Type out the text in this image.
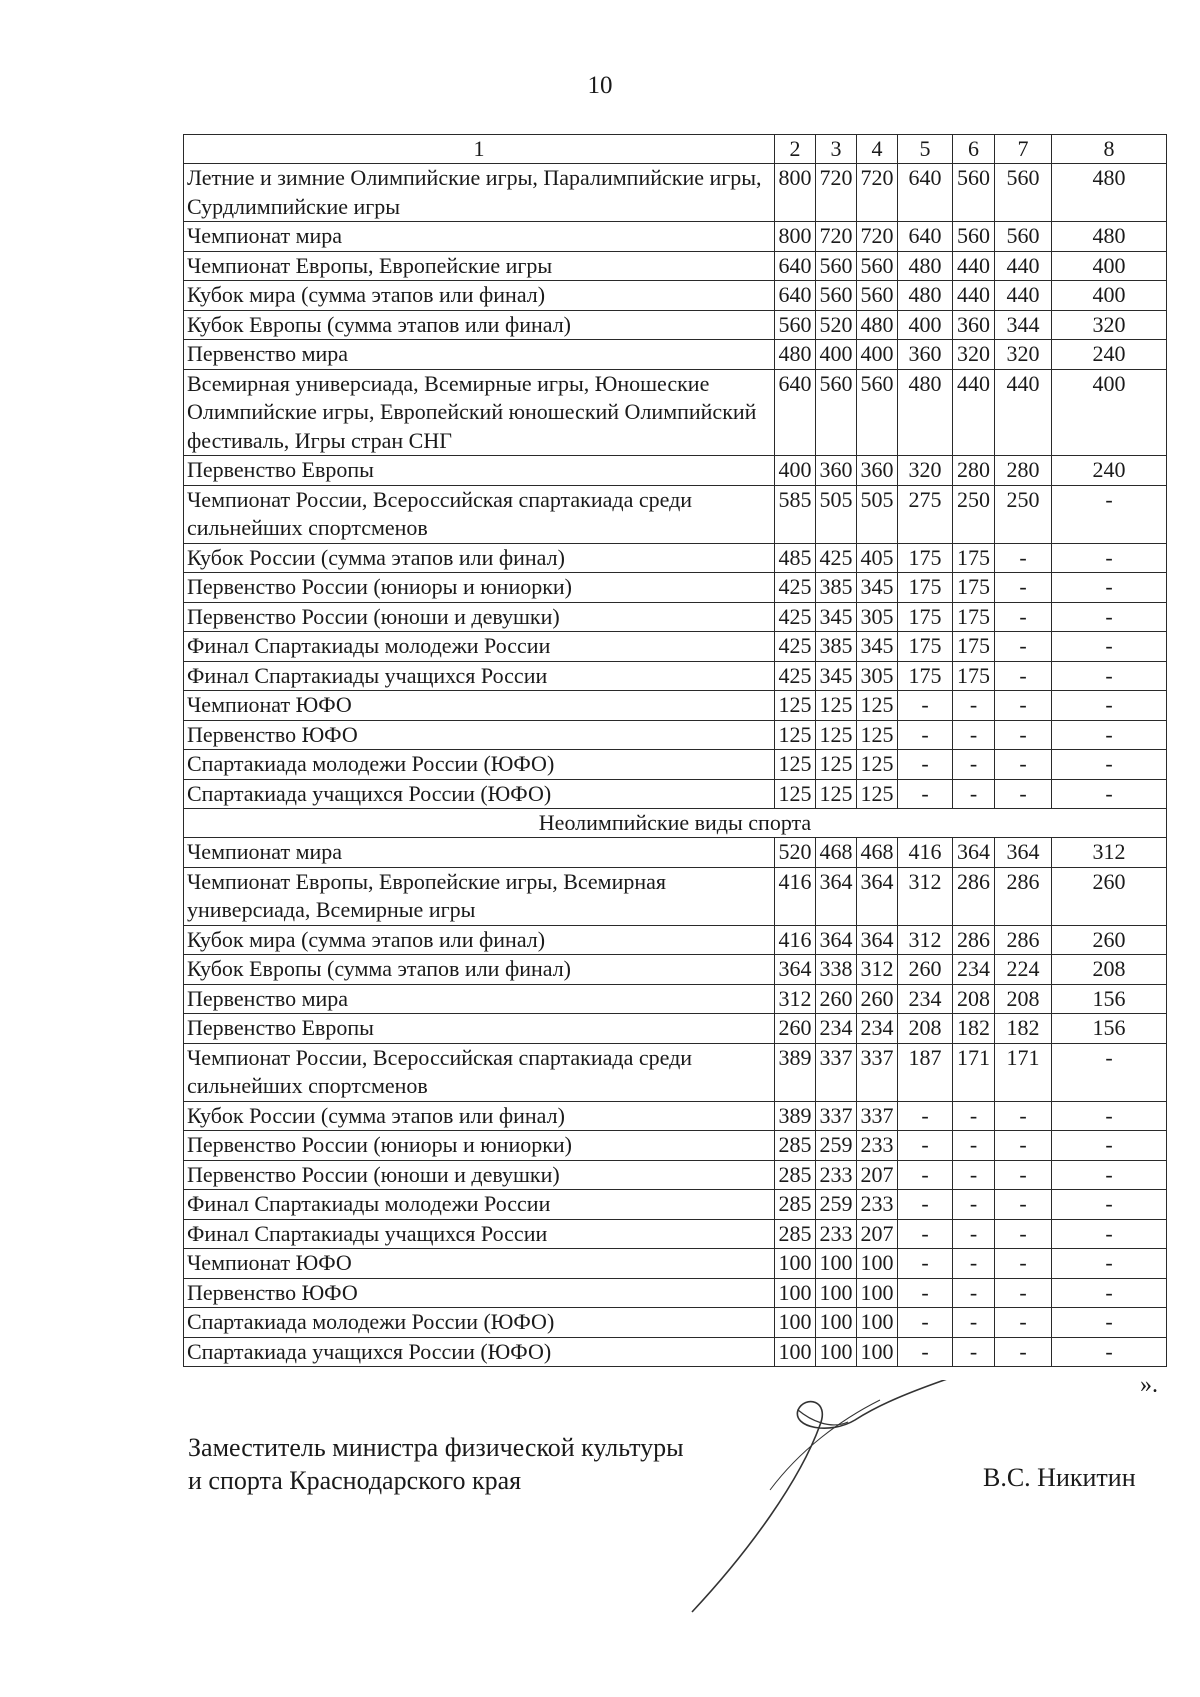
10
1	2	3	4	5	6	7	8
Летние и зимние Олимпийские игры, Паралимпийские игры, Сурдлимпийские игры	800	720	720	640	560	560	480
Чемпионат мира	800	720	720	640	560	560	480
Чемпионат Европы, Европейские игры	640	560	560	480	440	440	400
Кубок мира (сумма этапов или финал)	640	560	560	480	440	440	400
Кубок Европы (сумма этапов или финал)	560	520	480	400	360	344	320
Первенство мира	480	400	400	360	320	320	240
Всемирная универсиада, Всемирные игры, Юношеские Олимпийские игры, Европейский юношеский Олимпийский фестиваль, Игры стран СНГ	640	560	560	480	440	440	400
Первенство Европы	400	360	360	320	280	280	240
Чемпионат России, Всероссийская спартакиада среди сильнейших спортсменов	585	505	505	275	250	250	-
Кубок России (сумма этапов или финал)	485	425	405	175	175	-	-
Первенство России (юниоры и юниорки)	425	385	345	175	175	-	-
Первенство России (юноши и девушки)	425	345	305	175	175	-	-
Финал Спартакиады молодежи России	425	385	345	175	175	-	-
Финал Спартакиады учащихся России	425	345	305	175	175	-	-
Чемпионат ЮФО	125	125	125	-	-	-	-
Первенство ЮФО	125	125	125	-	-	-	-
Спартакиада молодежи России (ЮФО)	125	125	125	-	-	-	-
Спартакиада учащихся России (ЮФО)	125	125	125	-	-	-	-
Неолимпийские виды спорта							
Чемпионат мира	520	468	468	416	364	364	312
Чемпионат Европы, Европейские игры, Всемирная универсиада, Всемирные игры	416	364	364	312	286	286	260
Кубок мира (сумма этапов или финал)	416	364	364	312	286	286	260
Кубок Европы (сумма этапов или финал)	364	338	312	260	234	224	208
Первенство мира	312	260	260	234	208	208	156
Первенство Европы	260	234	234	208	182	182	156
Чемпионат России, Всероссийская спартакиада среди сильнейших спортсменов	389	337	337	187	171	171	-
Кубок России (сумма этапов или финал)	389	337	337	-	-	-	-
Первенство России (юниоры и юниорки)	285	259	233	-	-	-	-
Первенство России (юноши и девушки)	285	233	207	-	-	-	-
Финал Спартакиады молодежи России	285	259	233	-	-	-	-
Финал Спартакиады учащихся России	285	233	207	-	-	-	-
Чемпионат ЮФО	100	100	100	-	-	-	-
Первенство ЮФО	100	100	100	-	-	-	-
Спартакиада молодежи России (ЮФО)	100	100	100	-	-	-	-
Спартакиада учащихся России (ЮФО)	100	100	100	-	-	-	-
».
Заместитель министра физической культуры
и спорта Краснодарского края	В.С. Никитин
